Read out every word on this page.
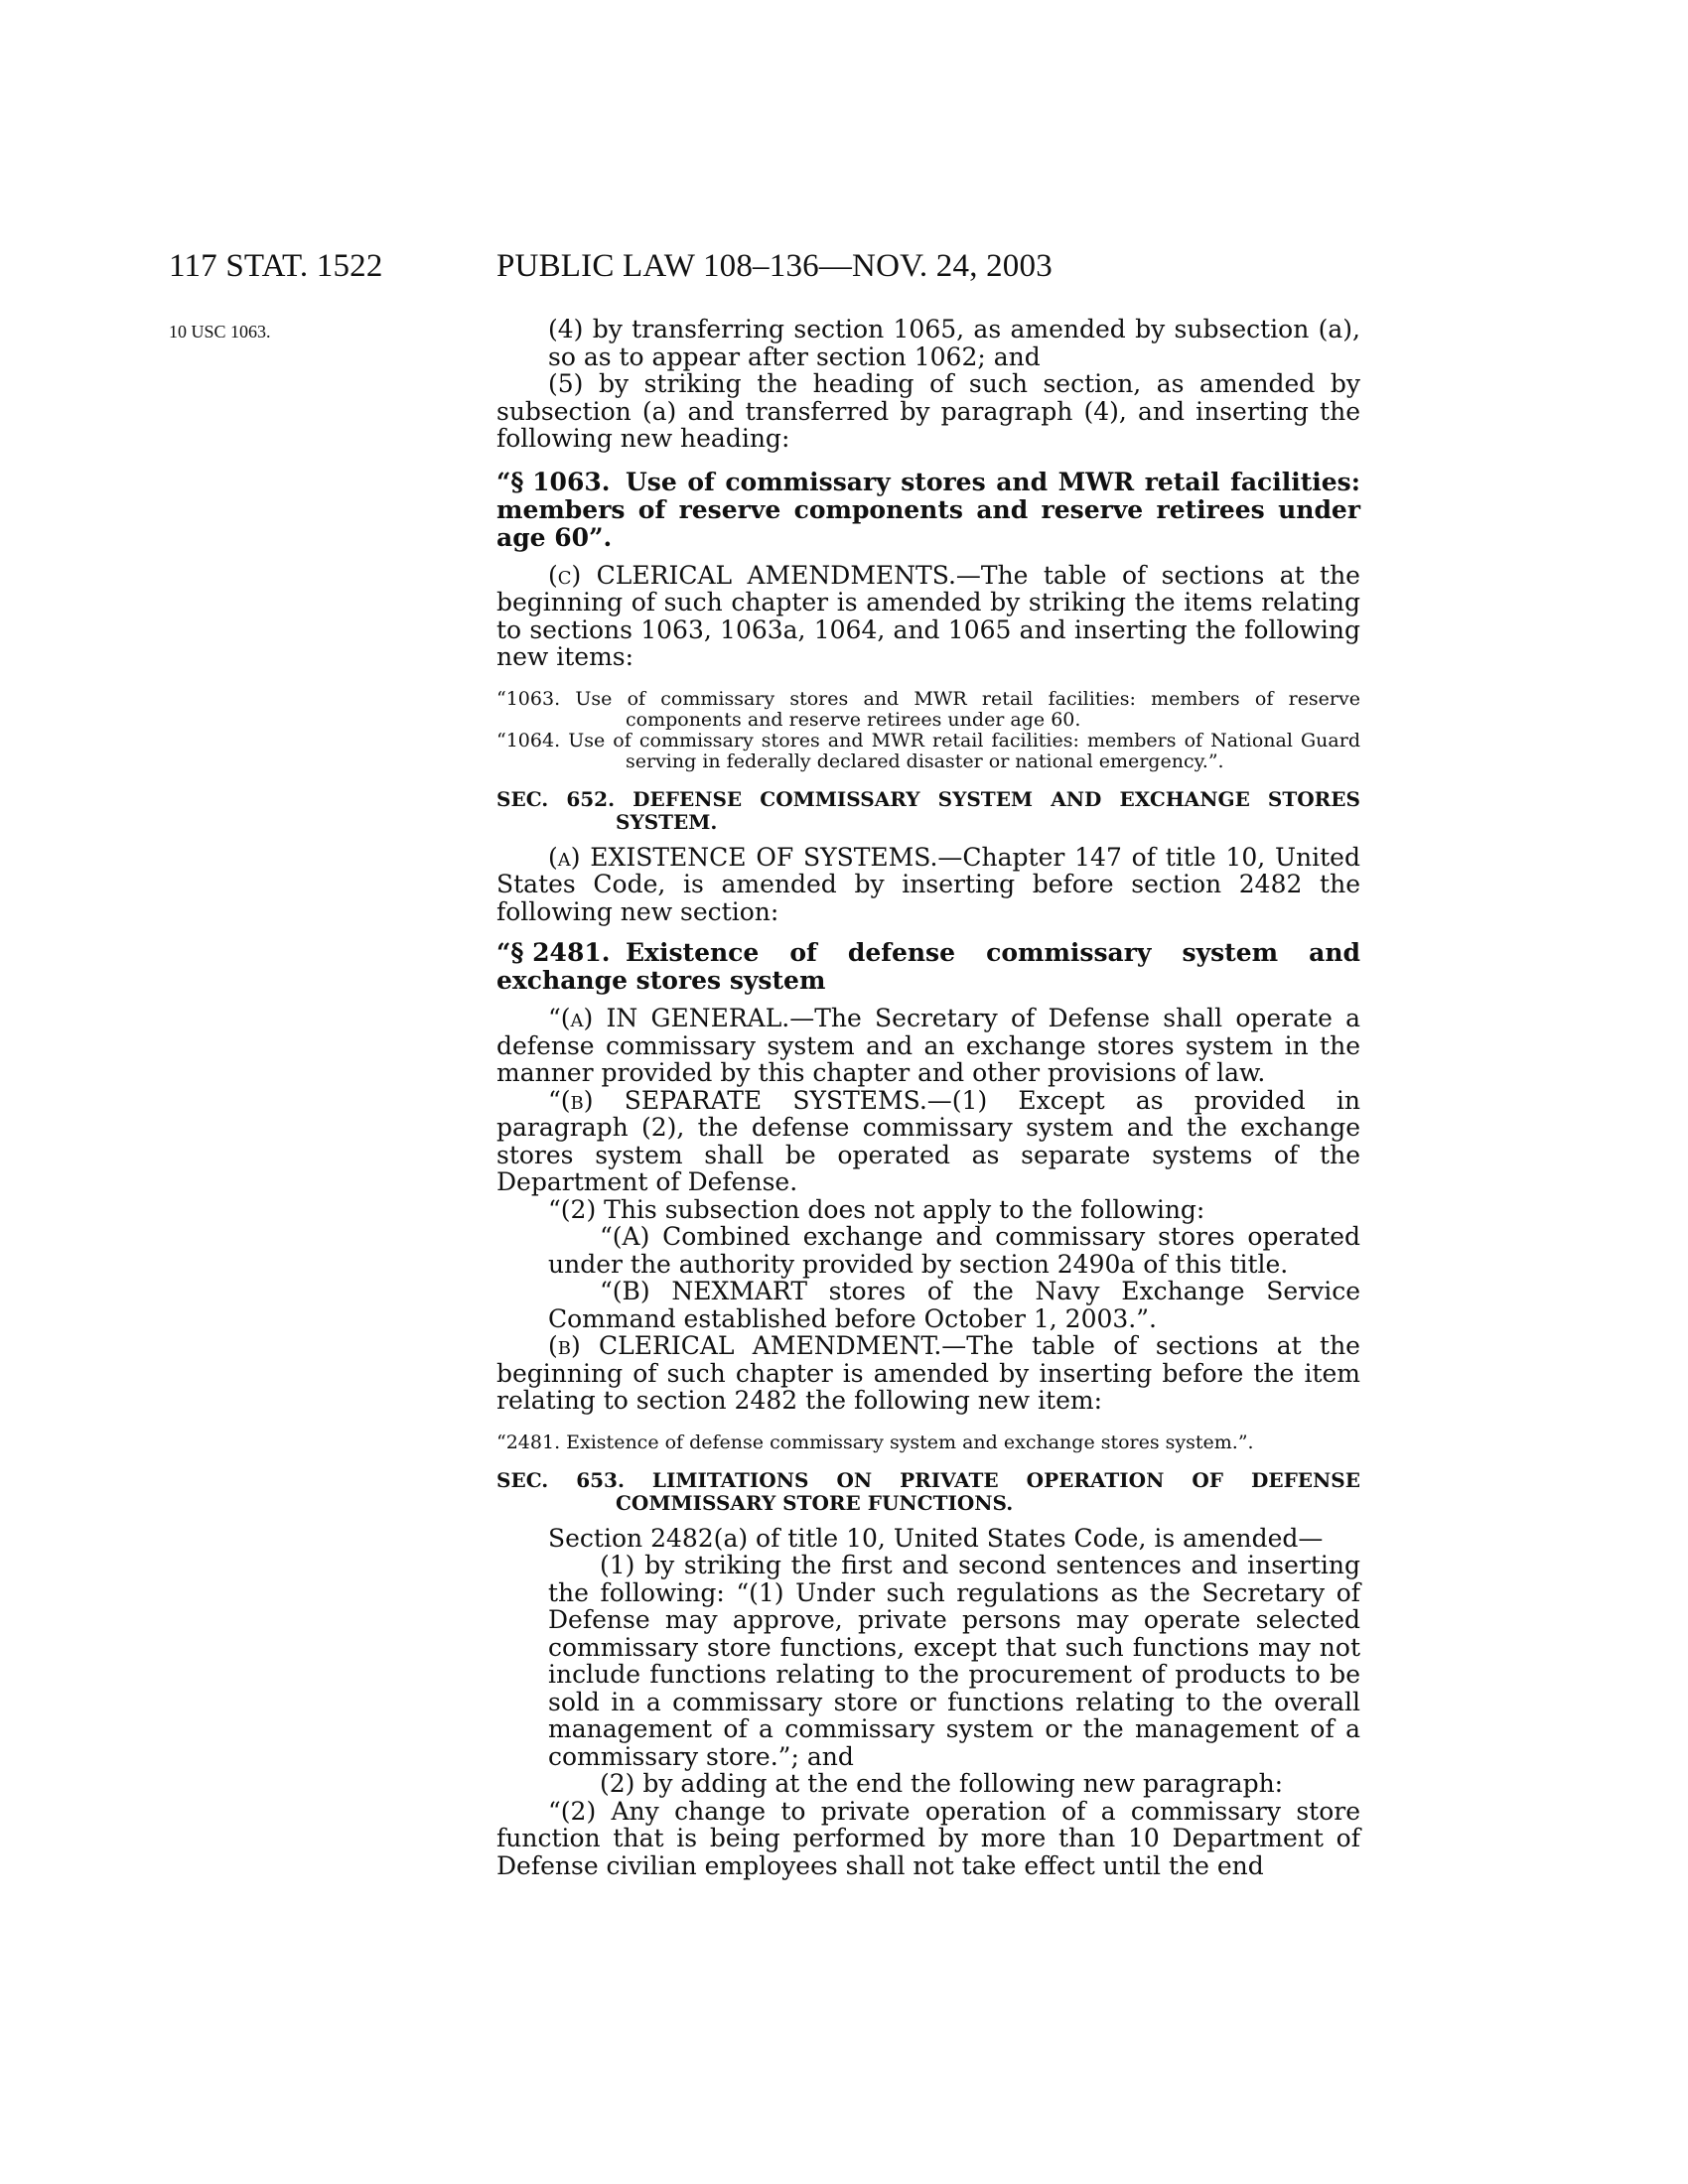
117 STAT. 1522	PUBLIC LAW 108–136—NOV. 24, 2003
10 USC 1063.	(4) by transferring section 1065, as amended by subsection (a), so as to appear after section 1062; and

(5) by striking the heading of such section, as amended by subsection (a) and transferred by paragraph (4), and inserting the following new heading:

“§ 1063. Use of commissary stores and MWR retail facilities: members of reserve components and reserve retirees under age 60”.

(c) CLERICAL AMENDMENTS.—The table of sections at the beginning of such chapter is amended by striking the items relating to sections 1063, 1063a, 1064, and 1065 and inserting the following new items:

“1063. Use of commissary stores and MWR retail facilities: members of reserve components and reserve retirees under age 60.

“1064. Use of commissary stores and MWR retail facilities: members of National Guard serving in federally declared disaster or national emergency.”.

SEC. 652. DEFENSE COMMISSARY SYSTEM AND EXCHANGE STORES SYSTEM.

(a) EXISTENCE OF SYSTEMS.—Chapter 147 of title 10, United States Code, is amended by inserting before section 2482 the following new section:

“§ 2481. Existence of defense commissary system and exchange stores system

“(a) IN GENERAL.—The Secretary of Defense shall operate a defense commissary system and an exchange stores system in the manner provided by this chapter and other provisions of law.

“(b) SEPARATE SYSTEMS.—(1) Except as provided in paragraph (2), the defense commissary system and the exchange stores system shall be operated as separate systems of the Department of Defense.

“(2) This subsection does not apply to the following:

“(A) Combined exchange and commissary stores operated under the authority provided by section 2490a of this title.

“(B) NEXMART stores of the Navy Exchange Service Command established before October 1, 2003.”.

(b) CLERICAL AMENDMENT.—The table of sections at the beginning of such chapter is amended by inserting before the item relating to section 2482 the following new item:

“2481. Existence of defense commissary system and exchange stores system.”.

SEC. 653. LIMITATIONS ON PRIVATE OPERATION OF DEFENSE COMMISSARY STORE FUNCTIONS.

Section 2482(a) of title 10, United States Code, is amended—

(1) by striking the first and second sentences and inserting the following: “(1) Under such regulations as the Secretary of Defense may approve, private persons may operate selected commissary store functions, except that such functions may not include functions relating to the procurement of products to be sold in a commissary store or functions relating to the overall management of a commissary system or the management of a commissary store.”; and

(2) by adding at the end the following new paragraph:

“(2) Any change to private operation of a commissary store function that is being performed by more than 10 Department of Defense civilian employees shall not take effect until the end
